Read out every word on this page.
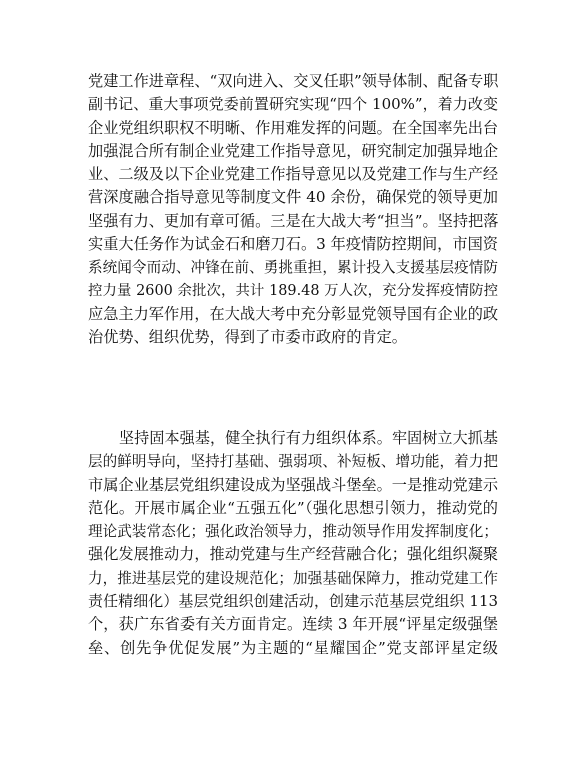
党建工作进章程、“双向进入、交叉任职”领导体制、配备专职
副书记、重大事项党委前置研究实现“四个 100%”，着力改变
企业党组织职权不明晰、作用难发挥的问题。在全国率先出台
加强混合所有制企业党建工作指导意见，研究制定加强异地企
业、二级及以下企业党建工作指导意见以及党建工作与生产经
营深度融合指导意见等制度文件 40 余份，确保党的领导更加
坚强有力、更加有章可循。三是在大战大考“担当”。坚持把落
实重大任务作为试金石和磨刀石。3 年疫情防控期间，市国资
系统闻令而动、冲锋在前、勇挑重担，累计投入支援基层疫情防
控力量 2600 余批次，共计 189.48 万人次，充分发挥疫情防控
应急主力军作用，在大战大考中充分彰显党领导国有企业的政
治优势、组织优势，得到了市委市政府的肯定。
坚持固本强基，健全执行有力组织体系。牢固树立大抓基
层的鲜明导向，坚持打基础、强弱项、补短板、增功能，着力把
市属企业基层党组织建设成为坚强战斗堡垒。一是推动党建示
范化。开展市属企业“五强五化”（强化思想引领力，推动党的
理论武装常态化；强化政治领导力，推动领导作用发挥制度化；
强化发展推动力，推动党建与生产经营融合化；强化组织凝聚
力，推进基层党的建设规范化；加强基础保障力，推动党建工作
责任精细化）基层党组织创建活动，创建示范基层党组织 113
个，获广东省委有关方面肯定。连续 3 年开展“评星定级强堡
垒、创先争优促发展”为主题的“星耀国企”党支部评星定级
